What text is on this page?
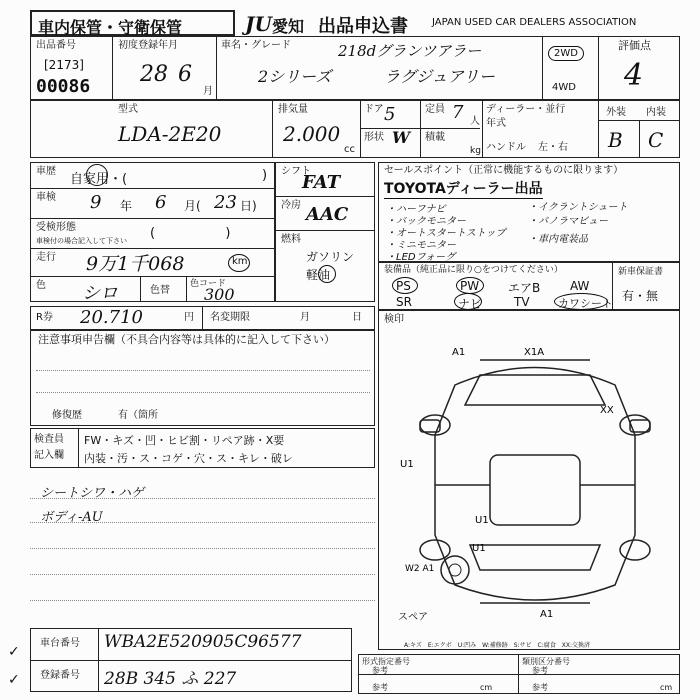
車内保管・守衛保管	JU 愛知 出品申込書 JAPAN USED CAR DEALERS ASSOCIATION
出品番号
[2173]
00086
初度登録年月
28 6
月
車名・グレード	218dグランツアラー
2シリーズ	ラグジュアリー
2WD
4WD
評価点
4
型式
LDA-2E20
排気量
2.000
cc
ドア 5	定員 7 人
形状 W 積載
kg
ディーラー・並行
年式
ハンドル 左・右
外装 内装
B C
車歴
自家用・(	)
車検 9 年 6 月( 23 日)
受検形態
車検付の場合記入して下さい (                 )
走行 9万1千068	km
色 シロ	色替
色コード
300
シフト
FAT
冷房 AAC
燃料
ガソリン
軽油
セールスポイント（正常に機能するものに限ります）
TOYOTAディーラー出品
・ハーフナビ
・バックモニター
・オートスタートストップ
・ミニモニター
・LEDフォーグ
・イクラントシュート
・パノラマビュー
・車内電装品
装備品（純正品に限り○をつけてください）
PS	PW エアB AW
SR	ナビ	TV	カワシート
新車保証書
有・無
R券 20.710	円 名変期限	月	日
注意事項申告欄（不具合内容等は具体的に記入して下さい）
修復歴	有（箇所
検査員
記入欄
FW・キズ・凹・ヒビ割・リペア跡・X要
内装・汚・ス・コゲ・穴・ス・キレ・破レ
シートシワ・ハゲ
ボディ-AU
検印
A1	X1A
XX
U1
U1
U1
W2 A1
A1
スペア
A:キズ　E:エクボ　U:凹み　W:補修跡　S:サビ　C:腐食　XX:交換済
車台番号 WBA2E520905C96577
登録番号 28B 345 ふ 227
✓
✓
形式指定番号
参考
類別区分番号
参考
参考	cm	参考	cm
